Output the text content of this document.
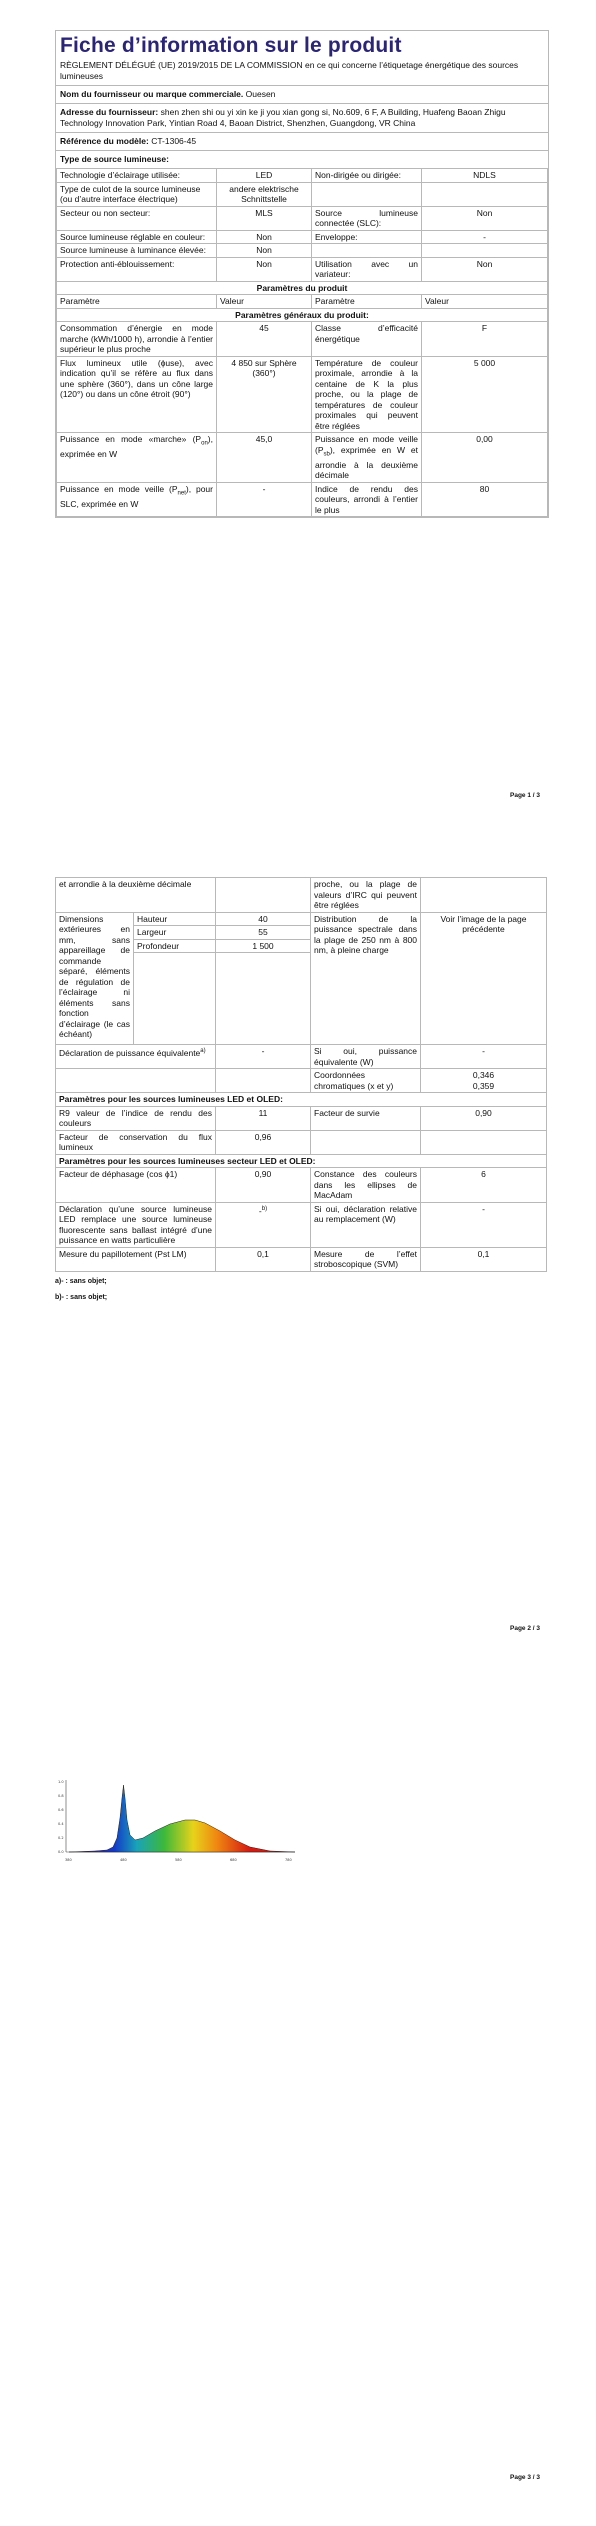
Fiche d’information sur le produit
RÈGLEMENT DÉLÉGUÉ (UE) 2019/2015 DE LA COMMISSION en ce qui concerne l’étiquetage énergétique des sources lumineuses
Nom du fournisseur ou marque commerciale. Ouesen
Adresse du fournisseur: shen zhen shi ou yi xin ke ji you xian gong si, No.609, 6 F, A Building, Huafeng Baoan Zhigu Technology Innovation Park, Yintian Road 4, Baoan District, Shenzhen, Guangdong, VR China
Référence du modèle: CT-1306-45
Type de source lumineuse:
Technologie d’éclairage utilisée:	LED	Non-dirigée ou dirigée:	NDLS

Type de culot de la source lumineuse
(ou d’autre interface électrique)	andere elektrische Schnittstelle		
Secteur ou non secteur:	MLS	Source lumineuse connectée (SLC):	Non
Source lumineuse réglable en couleur:	Non	Enveloppe:	-
Source lumineuse à luminance élevée:	Non		
Protection anti-éblouissement:	Non	Utilisation avec un variateur:	Non
Paramètres du produit			
Paramètre	Valeur	Paramètre	Valeur
Paramètres généraux du produit:			
Consommation d’énergie en mode marche (kWh/1000 h), arrondie à l’entier supérieur le plus proche	45	Classe d’efficacité énergétique	F
Flux lumineux utile (ɸuse), avec indication qu’il se réfère au flux dans une sphère (360°), dans un cône large (120°) ou dans un cône étroit (90°)	4 850 sur Sphère (360°)	Température de couleur proximale, arrondie à la centaine de K la plus proche, ou la plage de températures de couleur proximales qui peuvent être réglées	5 000
Puissance en mode «marche» $(P_{on})$, exprimée en W	45,0	Puissance en mode veille $(P_{sb})$, exprimée en W et arrondie à la deuxième décimale	0,00
Puissance en mode veille $(P_{net})$, pour SLC, exprimée en W	-	Indice de rendu des couleurs, arrondi à l’entier le plus	80
Page 1 / 3
et arrondie à la deuxième décimale			proche, ou la plage de valeurs d’IRC qui peuvent être réglées	
Dimensions extérieures en mm, sans appareillage de commande séparé, éléments de régulation de l’éclairage ni éléments sans fonction d’éclairage (le cas échéant)	Hauteur	40	Distribution de la puissance spectrale dans la plage de 250 nm à 800 nm, à pleine charge	Voir l’image de la page précédente
	Largeur	55		
	Profondeur	1 500		

Déclaration de puissance équivalente$^{a)}$		-	Si oui, puissance équivalente (W)	-
			Coordonnées chromatiques (x et y)	0,346
0,359

Paramètres pour les sources lumineuses LED et OLED:				
R9 valeur de l’indice de rendu des couleurs		11	Facteur de survie	0,90
Facteur de conservation du flux lumineux		0,96		
Paramètres pour les sources lumineuses secteur LED et OLED:				
Facteur de déphasage (cos ϕ1)		0,90	Constance des couleurs dans les ellipses de MacAdam	6
Déclaration qu’une source lumineuse LED remplace une source lumineuse fluorescente sans ballast intégré d’une puissance en watts particulière		-$^{b)}$	Si oui, déclaration relative au remplacement (W)	-
Mesure du papillotement (Pst LM)		0,1	Mesure de l’effet stroboscopique (SVM)	0,1
a)- : sans objet;
b)- : sans objet;
Page 2 / 3
1.0
0.8
0.6
0.4
0.2
0.0
380	480	580	680	780
Page 3 / 3
